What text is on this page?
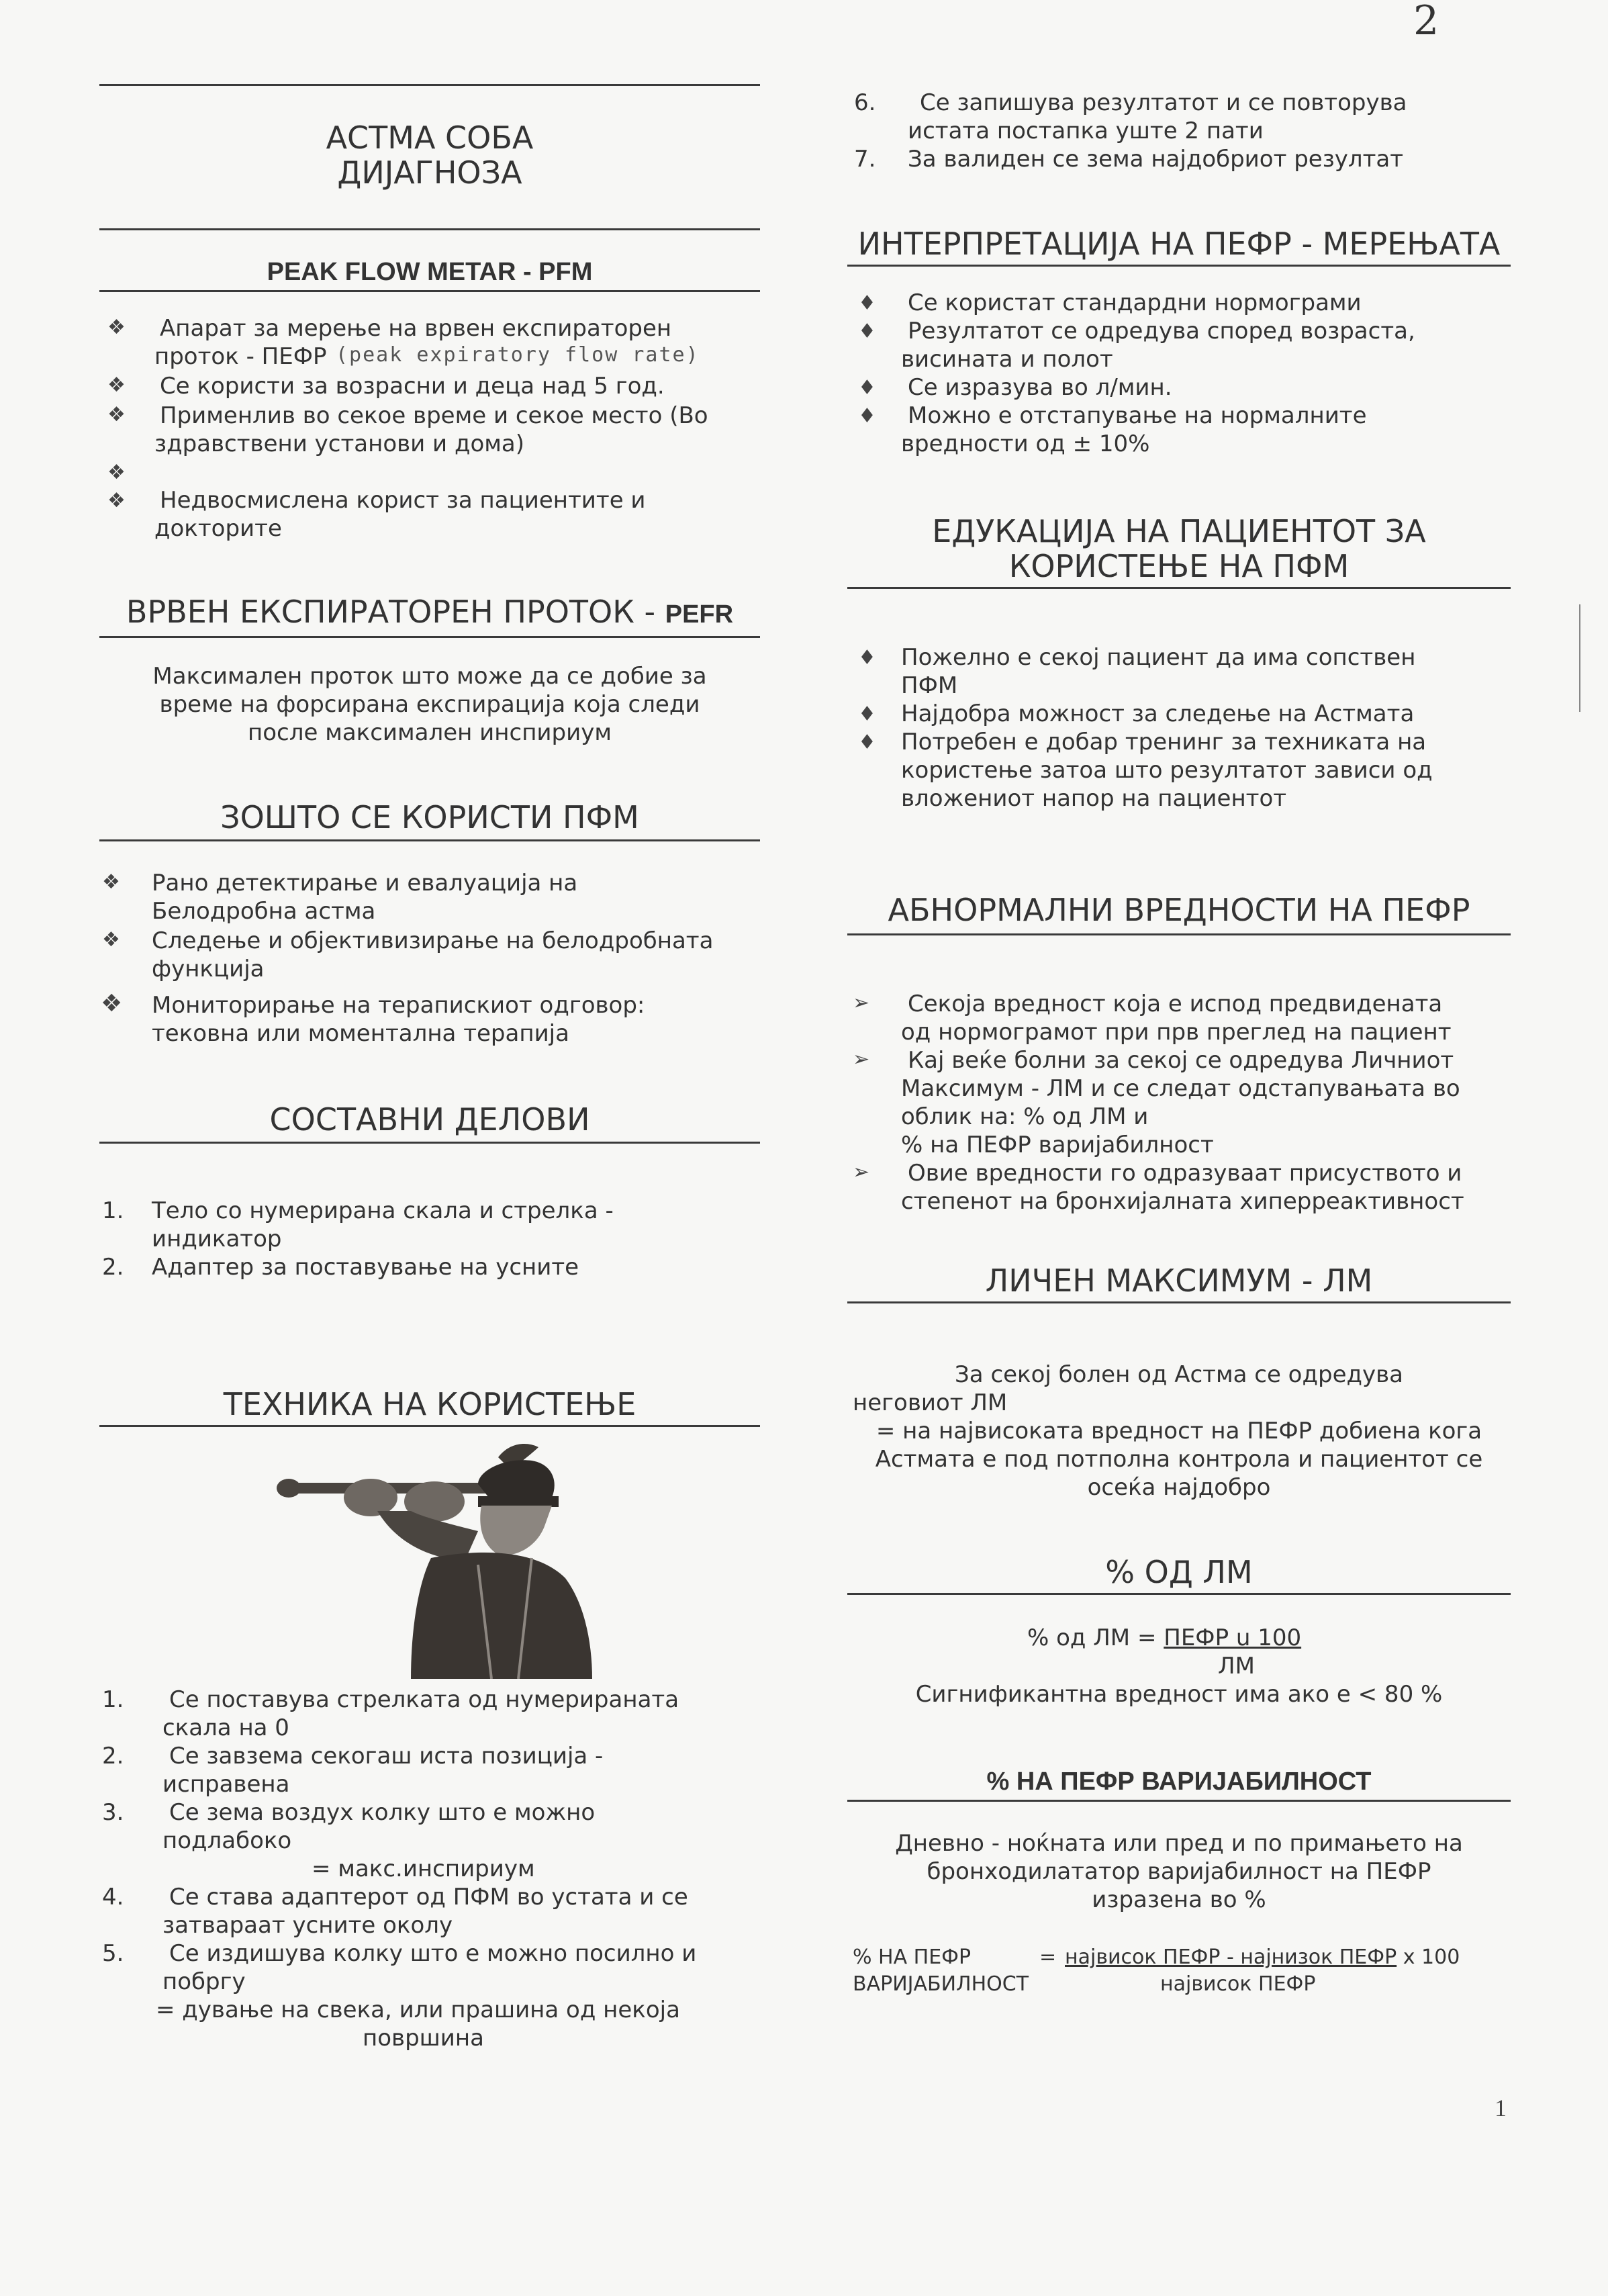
2
1
АСТМА СОБА
ДИЈАГНОЗА
PEAK FLOW METAR - PFM
❖ Апарат за мерење на врвен експираторен
проток - ПЕФР (peak expiratory flow rate)
❖ Се користи за возрасни и деца над 5 год.
❖ Применлив во секое време и секое место (Во
здравствени установи и дома)
❖
❖ Недвосмислена корист за пациентите и
докторите
ВРВЕН ЕКСПИРАТОРЕН ПРОТОК - PEFR
Максимален проток што може да се добие за
време на форсирана експирација која следи
после максимален инспириум
ЗОШТО СЕ КОРИСТИ ПФМ
❖ Рано детектирање и евалуација на
Белодробна астма
❖ Следење и објективизирање на белодробната
функција
❖ Мониторирање на терапискиот одговор:
тековна или моментална терапија
СОСТАВНИ ДЕЛОВИ
1. Тело со нумерирана скала и стрелка -
индикатор
2. Адаптер за поставување на усните
ТЕХНИКА НА КОРИСТЕЊЕ
1. Се поставува стрелката од нумерираната
скала на 0
2. Се завзема секогаш иста позиција -
исправена
3. Се зема воздух колку што е можно
подлабоко
= макс.инспириум
4. Се става адаптерот од ПФМ во устата и се
затвараат усните околу
5. Се издишува колку што е можно посилно и
побргу
= дување на свека, или прашина од некоја
површина
6. Се запишува резултатот и се повторува
истата постапка уште 2 пати
7. За валиден се зема најдобриот резултат
ИНТЕРПРЕТАЦИЈА НА ПЕФР - МЕРЕЊАТА
♦ Се користат стандардни нормограми
♦ Резултатот се одредува според возраста,
висината и полот
♦ Се изразува во л/мин.
♦ Можно е отстапување на нормалните
вредности од ± 10%
ЕДУКАЦИЈА НА ПАЦИЕНТОТ ЗА
КОРИСТЕЊЕ НА ПФМ
♦ Пожелно е секој пациент да има сопствен
ПФМ
♦ Најдобра можност за следење на Астмата
♦ Потребен е добар тренинг за техниката на
користење затоа што резултатот зависи од
вложениот напор на пациентот
АБНОРМАЛНИ ВРЕДНОСТИ НА ПЕФР
➢ Секоја вредност која е испод предвидената
од нормограмот при прв преглед на пациент
➢ Кај веќе болни за секој се одредува Личниот
Максимум - ЛМ и се следат одстапувањата во
облик на: % од ЛМ и
% на ПЕФР варијабилност
➢ Овие вредности го одразуваат присуството и
степенот на бронхијалната хиперреактивност
ЛИЧЕН МАКСИМУМ - ЛМ
За секој болен од Астма се одредува
неговиот ЛМ
= на највисоката вредност на ПЕФР добиена кога
Астмата е под потполна контрола и пациентот се
осеќа најдобро
% ОД ЛМ
% од ЛМ = ПЕФР u 100
ЛМ
Сигнификантна вредност има ако е < 80 %
% НА ПЕФР ВАРИЈАБИЛНОСТ
Дневно - ноќната или пред и по примањето на
бронходилататор варијабилност на ПЕФР
изразена во %
% НА ПЕФР
ВАРИЈАБИЛНОСТ
= највисок ПЕФР - најнизок ПЕФР x 100
највисок ПЕФР
